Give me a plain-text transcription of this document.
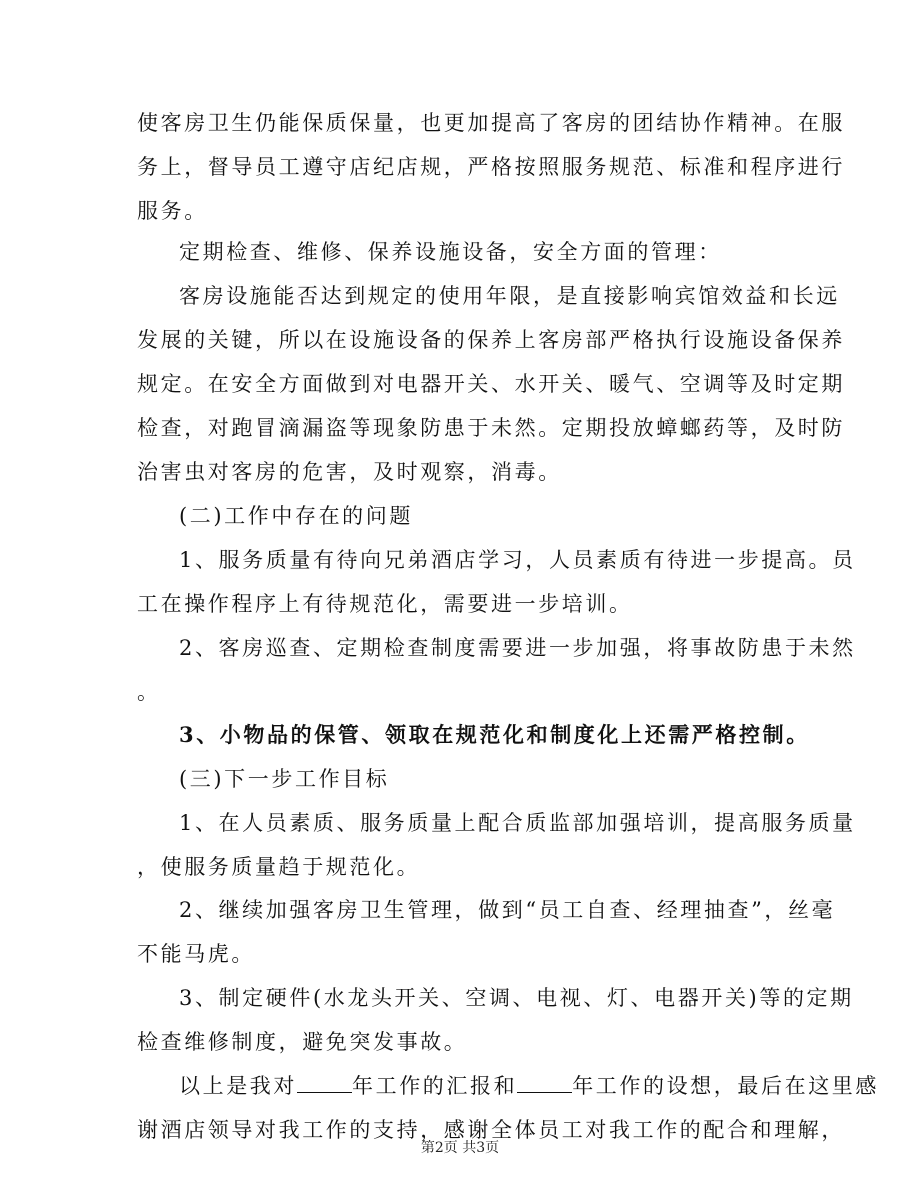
使客房卫生仍能保质保量，也更加提高了客房的团结协作精神。在服
务上，督导员工遵守店纪店规，严格按照服务规范、标准和程序进行
服务。
定期检查、维修、保养设施设备，安全方面的管理：
客房设施能否达到规定的使用年限，是直接影响宾馆效益和长远
发展的关键，所以在设施设备的保养上客房部严格执行设施设备保养
规定。在安全方面做到对电器开关、水开关、暖气、空调等及时定期
检查，对跑冒滴漏盗等现象防患于未然。定期投放蟑螂药等，及时防
治害虫对客房的危害，及时观察，消毒。
(二)工作中存在的问题
1、服务质量有待向兄弟酒店学习，人员素质有待进一步提高。员
工在操作程序上有待规范化，需要进一步培训。
2、客房巡查、定期检查制度需要进一步加强，将事故防患于未然
。
3、小物品的保管、领取在规范化和制度化上还需严格控制。
(三)下一步工作目标
1、在人员素质、服务质量上配合质监部加强培训，提高服务质量
，使服务质量趋于规范化。
2、继续加强客房卫生管理，做到“员工自查、经理抽查”，丝毫
不能马虎。
3、制定硬件(水龙头开关、空调、电视、灯、电器开关)等的定期
检查维修制度，避免突发事故。
以上是我对	年工作的汇报和	年工作的设想，最后在这里感
谢酒店领导对我工作的支持，感谢全体员工对我工作的配合和理解，
第2页 共3页
